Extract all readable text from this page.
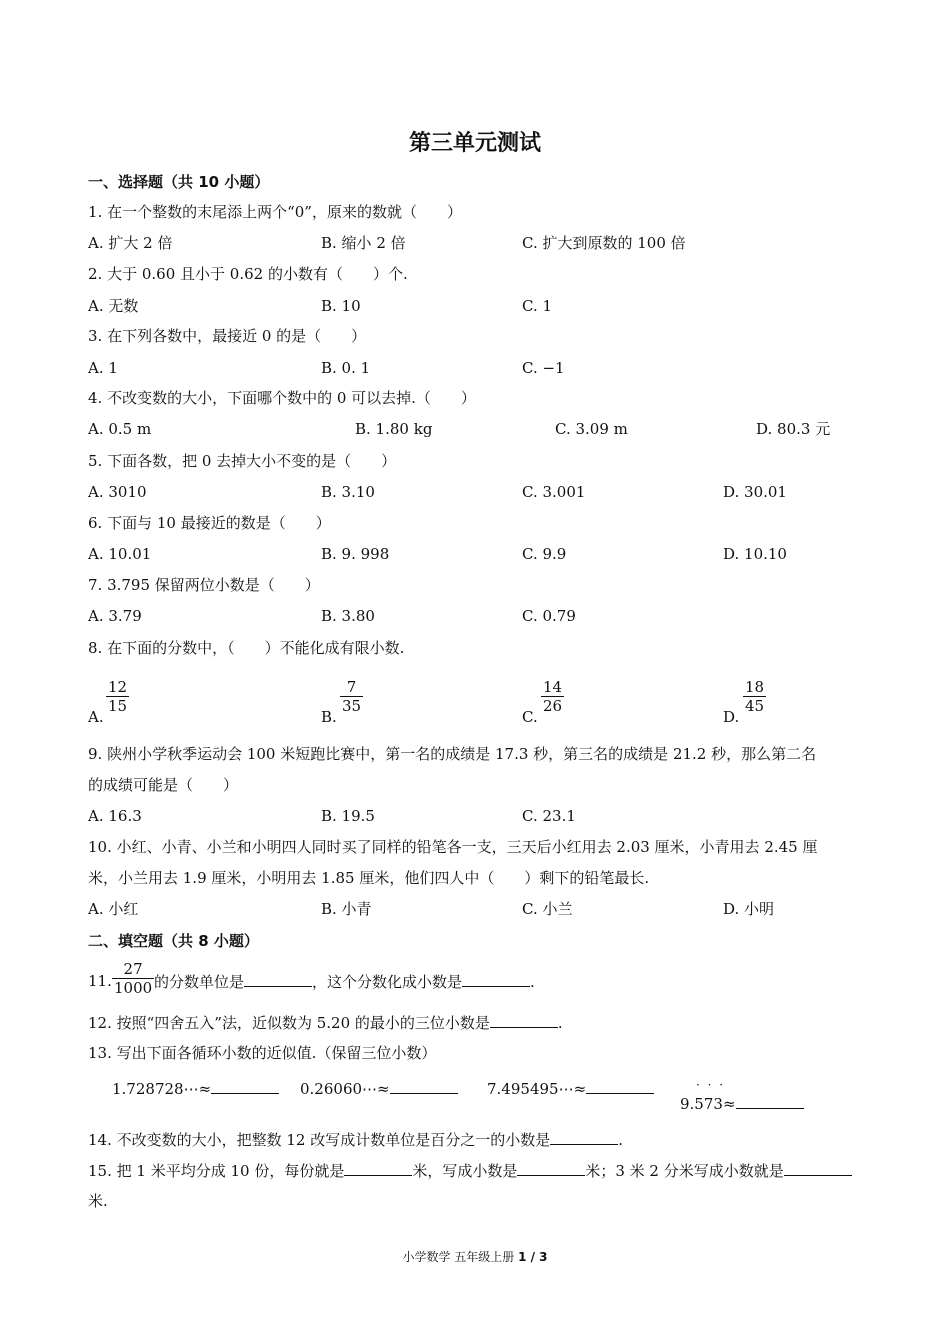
第三单元测试
一、选择题（共 10 小题）
1. 在一个整数的末尾添上两个“0”，原来的数就（　　）
A. 扩大 2 倍	B. 缩小 2 倍	C. 扩大到原数的 100 倍
2. 大于 0.60 且小于 0.62 的小数有（　　）个.
A. 无数	B. 10	C. 1
3. 在下列各数中，最接近 0 的是（　　）
A. 1	B. 0. 1	C. −1
4. 不改变数的大小，下面哪个数中的 0 可以去掉.（　　）
A. 0.5 m	B. 1.80 kg	C. 3.09 m	D. 80.3 元
5. 下面各数，把 0 去掉大小不变的是（　　）
A. 3010	B. 3.10	C. 3.001	D. 30.01
6. 下面与 10 最接近的数是（　　）
A. 10.01	B. 9. 998	C. 9.9	D. 10.10
7. 3.795 保留两位小数是（　　）
A. 3.79	B. 3.80	C. 0.79
8. 在下面的分数中，（　　）不能化成有限小数.
A.
$\frac{12}{15}$
B.
$\frac{7}{35}$
C.
$\frac{14}{26}$
D.
$\frac{18}{45}$
9. 陕州小学秋季运动会 100 米短跑比赛中，第一名的成绩是 17.3 秒，第三名的成绩是 21.2 秒，那么第二名
的成绩可能是（　　）
A. 16.3	B. 19.5	C. 23.1
10. 小红、小青、小兰和小明四人同时买了同样的铅笔各一支，三天后小红用去 2.03 厘米，小青用去 2.45 厘
米，小兰用去 1.9 厘米，小明用去 1.85 厘米，他们四人中（　　）剩下的铅笔最长.
A. 小红	B. 小青	C. 小兰	D. 小明
二、填空题（共 8 小题）
11. $\frac{27}{1000}$ 的分数单位是	，这个分数化成小数是	.
12. 按照“四舍五入”法，近似数为 5.20 的最小的三位小数是	.
13. 写出下面各循环小数的近似值.（保留三位小数）
1.728728⋯≈	0.26060⋯≈	7.495495⋯≈	· · ·
9.573≈
14. 不改变数的大小，把整数 12 改写成计数单位是百分之一的小数是	.
15. 把 1 米平均分成 10 份，每份就是	米，写成小数是	米；3 米 2 分米写成小数就是
米.
小学数学 五年级上册 1 / 3
